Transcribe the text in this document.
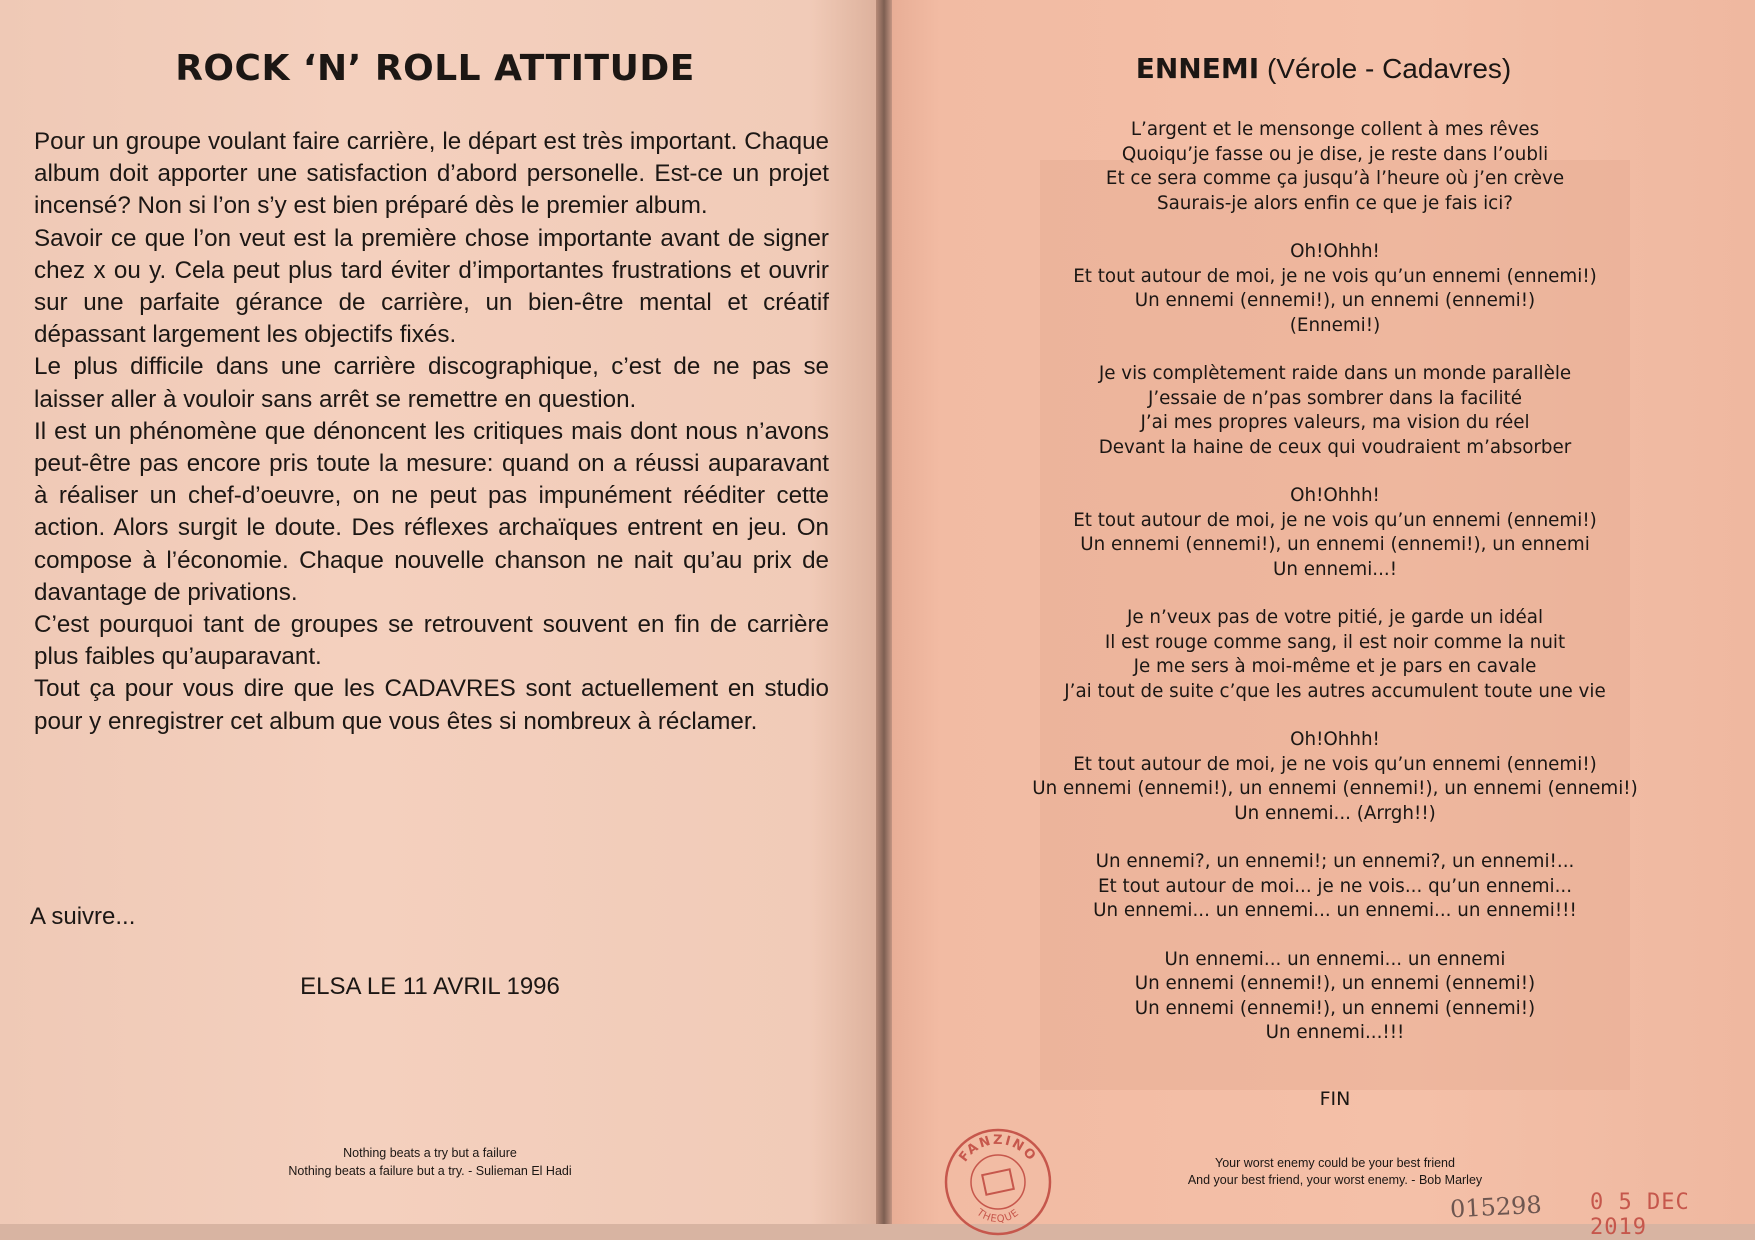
ROCK ‘N’ ROLL ATTITUDE

Pour un groupe voulant faire carrière, le départ est très important. Chaque album doit apporter une satisfaction d’abord personelle. Est-ce un projet incensé? Non si l’on s’y est bien préparé dès le premier album.

Savoir ce que l’on veut est la première chose importante avant de signer chez x ou y. Cela peut plus tard éviter d’importantes frustrations et ouvrir sur une parfaite gérance de carrière, un bien-être mental et créatif dépassant largement les objectifs fixés.

Le plus difficile dans une carrière discographique, c’est de ne pas se laisser aller à vouloir sans arrêt se remettre en question.

Il est un phénomène que dénoncent les critiques mais dont nous n’avons peut-être pas encore pris toute la mesure: quand on a réussi auparavant à réaliser un chef-d’oeuvre, on ne peut pas impunément rééditer cette action. Alors surgit le doute. Des réflexes archaïques entrent en jeu. On compose à l’économie. Chaque nouvelle chanson ne nait qu’au prix de davantage de privations.

C’est pourquoi tant de groupes se retrouvent souvent en fin de carrière plus faibles qu’auparavant.

Tout ça pour vous dire que les CADAVRES sont actuellement en studio pour y enregistrer cet album que vous êtes si nombreux à réclamer.

A suivre...
ELSA LE 11 AVRIL 1996
Nothing beats a try but a failure
Nothing beats a failure but a try. - Sulieman El Hadi
ENNEMI (Vérole - Cadavres)
L’argent et le mensonge collent à mes rêves
Quoiqu’je fasse ou je dise, je reste dans l’oubli
Et ce sera comme ça jusqu’à l’heure où j’en crève
Saurais-je alors enfin ce que je fais ici?
Oh!Ohhh!
Et tout autour de moi, je ne vois qu’un ennemi (ennemi!)
Un ennemi (ennemi!), un ennemi (ennemi!)
(Ennemi!)
Je vis complètement raide dans un monde parallèle
J’essaie de n’pas sombrer dans la facilité
J’ai mes propres valeurs, ma vision du réel
Devant la haine de ceux qui voudraient m’absorber
Oh!Ohhh!
Et tout autour de moi, je ne vois qu’un ennemi (ennemi!)
Un ennemi (ennemi!), un ennemi (ennemi!), un ennemi
Un ennemi...!
Je n’veux pas de votre pitié, je garde un idéal
Il est rouge comme sang, il est noir comme la nuit
Je me sers à moi-même et je pars en cavale
J’ai tout de suite c’que les autres accumulent toute une vie
Oh!Ohhh!
Et tout autour de moi, je ne vois qu’un ennemi (ennemi!)
Un ennemi (ennemi!), un ennemi (ennemi!), un ennemi (ennemi!)
Un ennemi... (Arrgh!!)
Un ennemi?, un ennemi!; un ennemi?, un ennemi!...
Et tout autour de moi... je ne vois... qu’un ennemi...
Un ennemi... un ennemi... un ennemi... un ennemi!!!
Un ennemi... un ennemi... un ennemi
Un ennemi (ennemi!), un ennemi (ennemi!)
Un ennemi (ennemi!), un ennemi (ennemi!)
Un ennemi...!!!
FIN
Your worst enemy could be your best friend
And your best friend, your worst enemy. - Bob Marley
FANZINO
THEQUE	015298 0 5 DEC 2019
